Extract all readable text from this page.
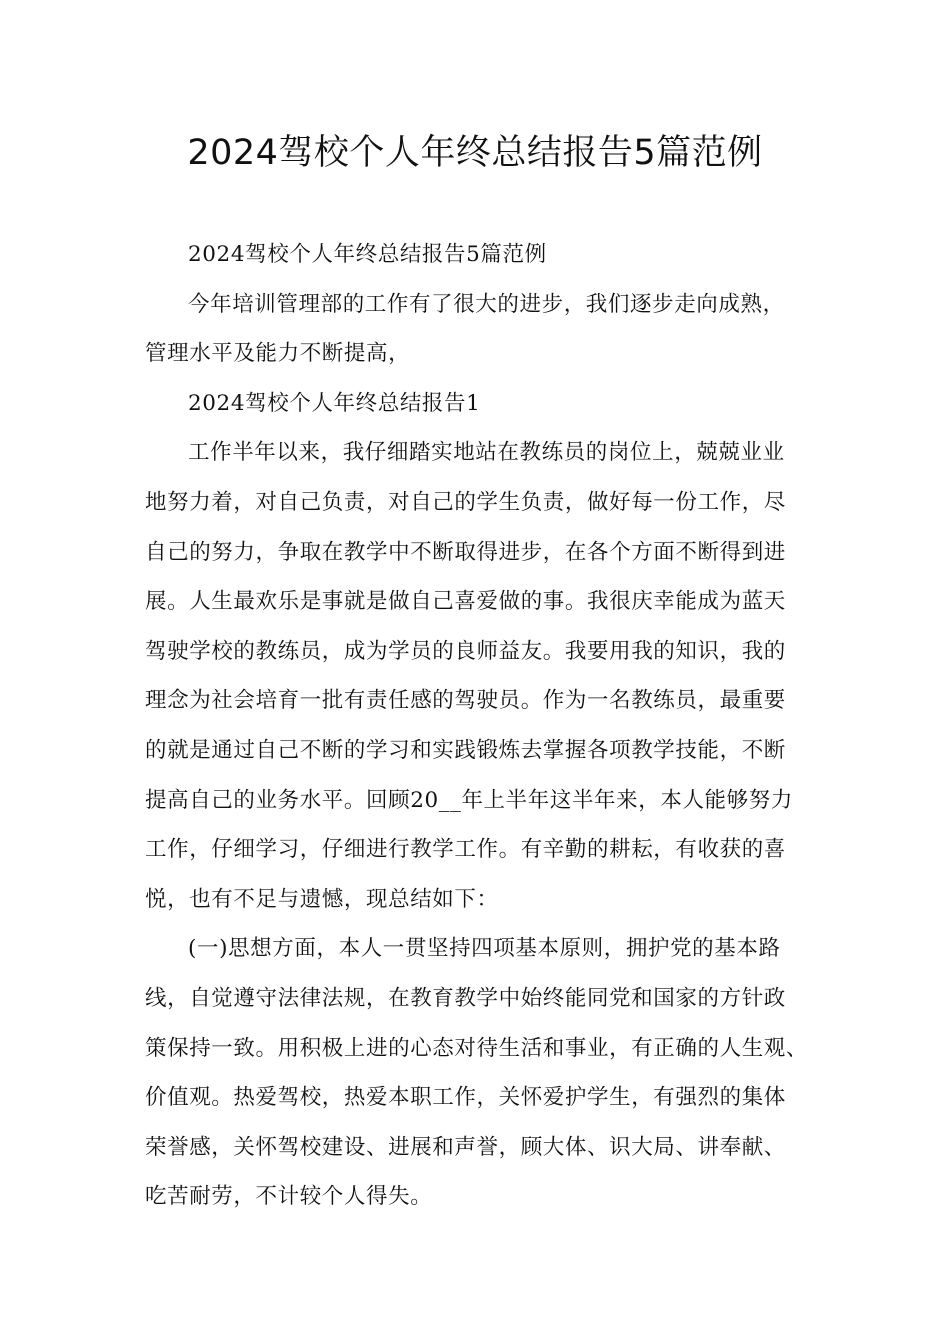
2024驾校个人年终总结报告5篇范例

2024驾校个人年终总结报告5篇范例

今年培训管理部的工作有了很大的进步，我们逐步走向成熟，
管理水平及能力不断提高，

2024驾校个人年终总结报告1

工作半年以来，我仔细踏实地站在教练员的岗位上，兢兢业业
地努力着，对自己负责，对自己的学生负责，做好每一份工作，尽
自己的努力，争取在教学中不断取得进步，在各个方面不断得到进
展。人生最欢乐是事就是做自己喜爱做的事。我很庆幸能成为蓝天
驾驶学校的教练员，成为学员的良师益友。我要用我的知识，我的
理念为社会培育一批有责任感的驾驶员。作为一名教练员，最重要
的就是通过自己不断的学习和实践锻炼去掌握各项教学技能，不断
提高自己的业务水平。回顾20__年上半年这半年来，本人能够努力
工作，仔细学习，仔细进行教学工作。有辛勤的耕耘，有收获的喜
悦，也有不足与遗憾，现总结如下：

(一)思想方面，本人一贯坚持四项基本原则，拥护党的基本路
线，自觉遵守法律法规，在教育教学中始终能同党和国家的方针政
策保持一致。用积极上进的心态对待生活和事业，有正确的人生观、
价值观。热爱驾校，热爱本职工作，关怀爱护学生，有强烈的集体
荣誉感，关怀驾校建设、进展和声誉，顾大体、识大局、讲奉献、
吃苦耐劳，不计较个人得失。
